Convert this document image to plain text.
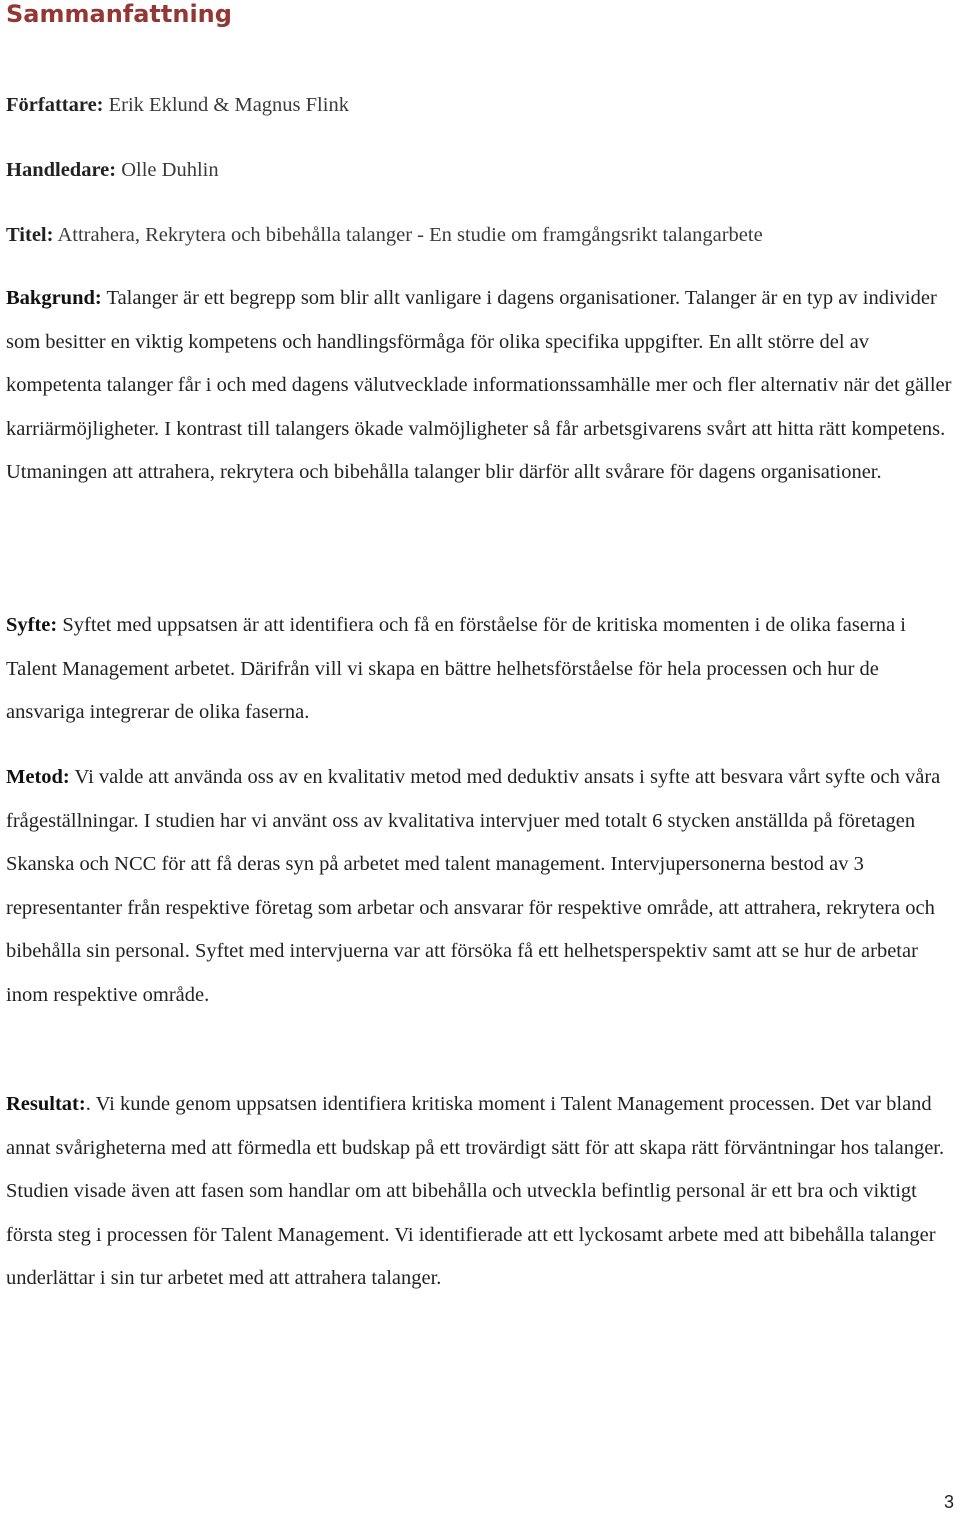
Sammanfattning

Författare: Erik Eklund & Magnus Flink

Handledare: Olle Duhlin

Titel: Attrahera, Rekrytera och bibehålla talanger - En studie om framgångsrikt talangarbete

Bakgrund: Talanger är ett begrepp som blir allt vanligare i dagens organisationer. Talanger är en typ av individer som besitter en viktig kompetens och handlingsförmåga för olika specifika uppgifter. En allt större del av kompetenta talanger får i och med dagens välutvecklade informationssamhälle mer och fler alternativ när det gäller karriärmöjligheter. I kontrast till talangers ökade valmöjligheter så får arbetsgivarens svårt att hitta rätt kompetens. Utmaningen att attrahera, rekrytera och bibehålla talanger blir därför allt svårare för dagens organisationer.

Syfte: Syftet med uppsatsen är att identifiera och få en förståelse för de kritiska momenten i de olika faserna i Talent Management arbetet. Därifrån vill vi skapa en bättre helhetsförståelse för hela processen och hur de ansvariga integrerar de olika faserna.

Metod: Vi valde att använda oss av en kvalitativ metod med deduktiv ansats i syfte att besvara vårt syfte och våra frågeställningar. I studien har vi använt oss av kvalitativa intervjuer med totalt 6 stycken anställda på företagen Skanska och NCC för att få deras syn på arbetet med talent management. Intervjupersonerna bestod av 3 representanter från respektive företag som arbetar och ansvarar för respektive område, att attrahera, rekrytera och bibehålla sin personal. Syftet med intervjuerna var att försöka få ett helhetsperspektiv samt att se hur de arbetar inom respektive område.

Resultat:. Vi kunde genom uppsatsen identifiera kritiska moment i Talent Management processen. Det var bland annat svårigheterna med att förmedla ett budskap på ett trovärdigt sätt för att skapa rätt förväntningar hos talanger. Studien visade även att fasen som handlar om att bibehålla och utveckla befintlig personal är ett bra och viktigt första steg i processen för Talent Management. Vi identifierade att ett lyckosamt arbete med att bibehålla talanger underlättar i sin tur arbetet med att attrahera talanger.

3
